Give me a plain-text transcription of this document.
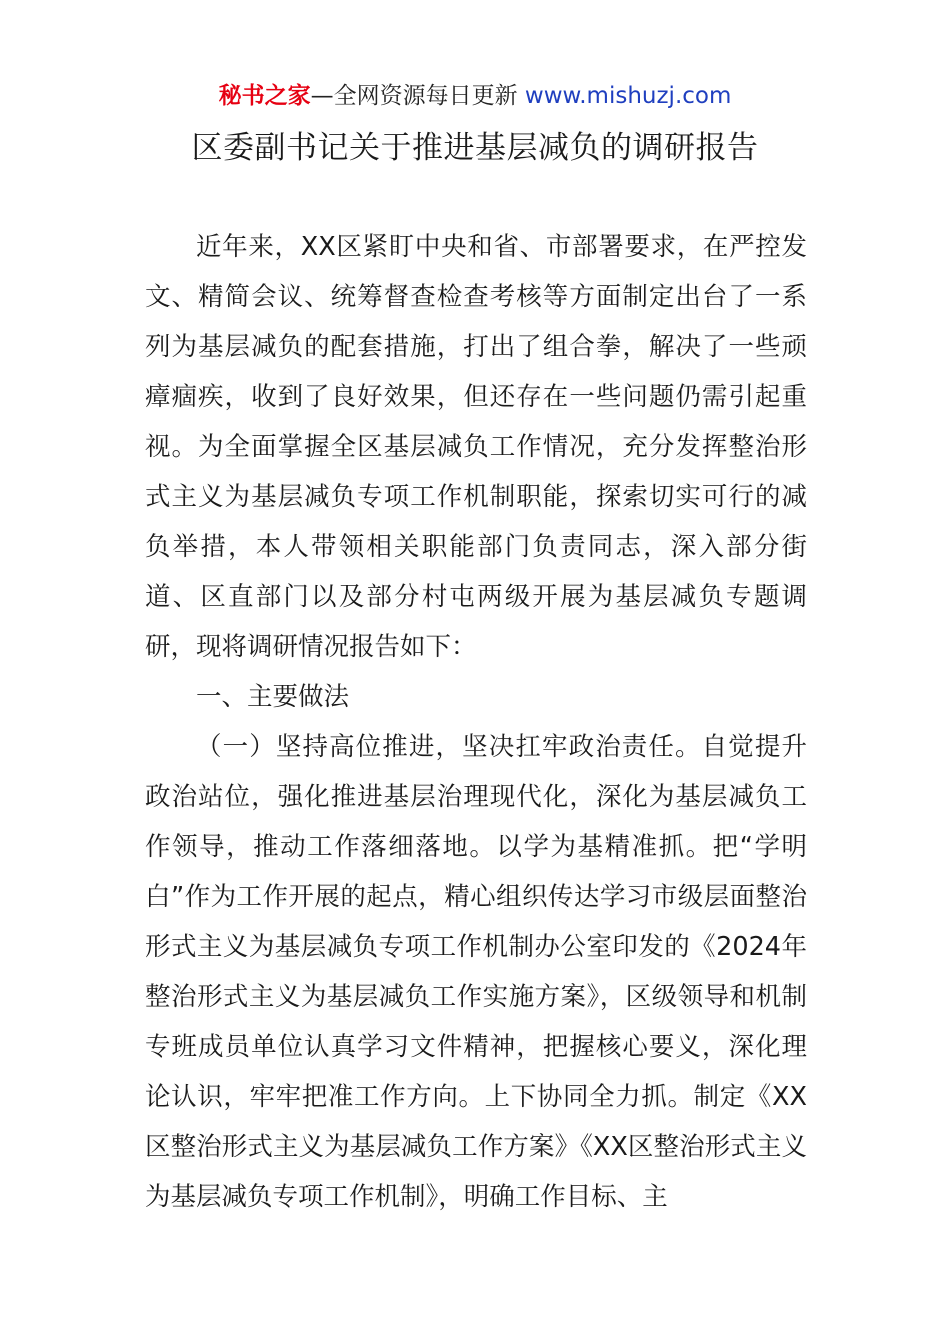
秘书之家—全网资源每日更新 www.mishuzj.com
区委副书记关于推进基层减负的调研报告

近年来，XX区紧盯中央和省、市部署要求，在严控发文、精简会议、统筹督查检查考核等方面制定出台了一系列为基层减负的配套措施，打出了组合拳，解决了一些顽瘴痼疾，收到了良好效果，但还存在一些问题仍需引起重视。为全面掌握全区基层减负工作情况，充分发挥整治形式主义为基层减负专项工作机制职能，探索切实可行的减负举措，本人带领相关职能部门负责同志，深入部分街道、区直部门以及部分村屯两级开展为基层减负专题调研，现将调研情况报告如下：

一、主要做法

（一）坚持高位推进，坚决扛牢政治责任。自觉提升政治站位，强化推进基层治理现代化，深化为基层减负工作领导，推动工作落细落地。以学为基精准抓。把“学明白”作为工作开展的起点，精心组织传达学习市级层面整治形式主义为基层减负专项工作机制办公室印发的《2024年整治形式主义为基层减负工作实施方案》，区级领导和机制专班成员单位认真学习文件精神，把握核心要义，深化理论认识，牢牢把准工作方向。上下协同全力抓。制定《XX区整治形式主义为基层减负工作方案》《XX区整治形式主义为基层减负专项工作机制》，明确工作目标、主
